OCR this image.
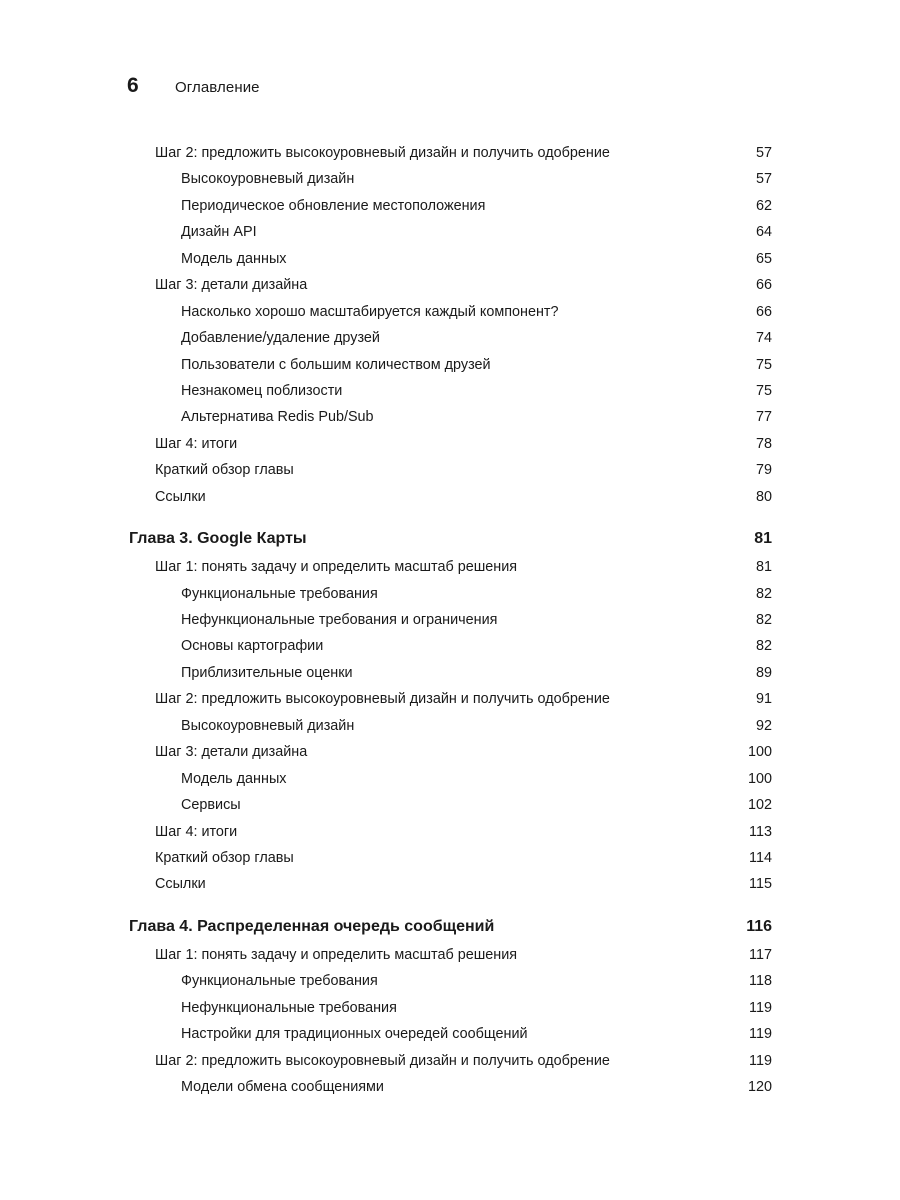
6	Оглавление
Шаг 2: предложить высокоуровневый дизайн и получить одобрение	57
Высокоуровневый дизайн	57
Периодическое обновление местоположения	62
Дизайн API	64
Модель данных	65
Шаг 3: детали дизайна	66
Насколько хорошо масштабируется каждый компонент?	66
Добавление/удаление друзей	74
Пользователи с большим количеством друзей	75
Незнакомец поблизости	75
Альтернатива Redis Pub/Sub	77
Шаг 4: итоги	78
Краткий обзор главы	79
Ссылки	80
Глава 3. Google Карты	81
Шаг 1: понять задачу и определить масштаб решения	81
Функциональные требования	82
Нефункциональные требования и ограничения	82
Основы картографии	82
Приблизительные оценки	89
Шаг 2: предложить высокоуровневый дизайн и получить одобрение	91
Высокоуровневый дизайн	92
Шаг 3: детали дизайна	100
Модель данных	100
Сервисы	102
Шаг 4: итоги	113
Краткий обзор главы	114
Ссылки	115
Глава 4. Распределенная очередь сообщений	116
Шаг 1: понять задачу и определить масштаб решения	117
Функциональные требования	118
Нефункциональные требования	119
Настройки для традиционных очередей сообщений	119
Шаг 2: предложить высокоуровневый дизайн и получить одобрение	119
Модели обмена сообщениями	120
